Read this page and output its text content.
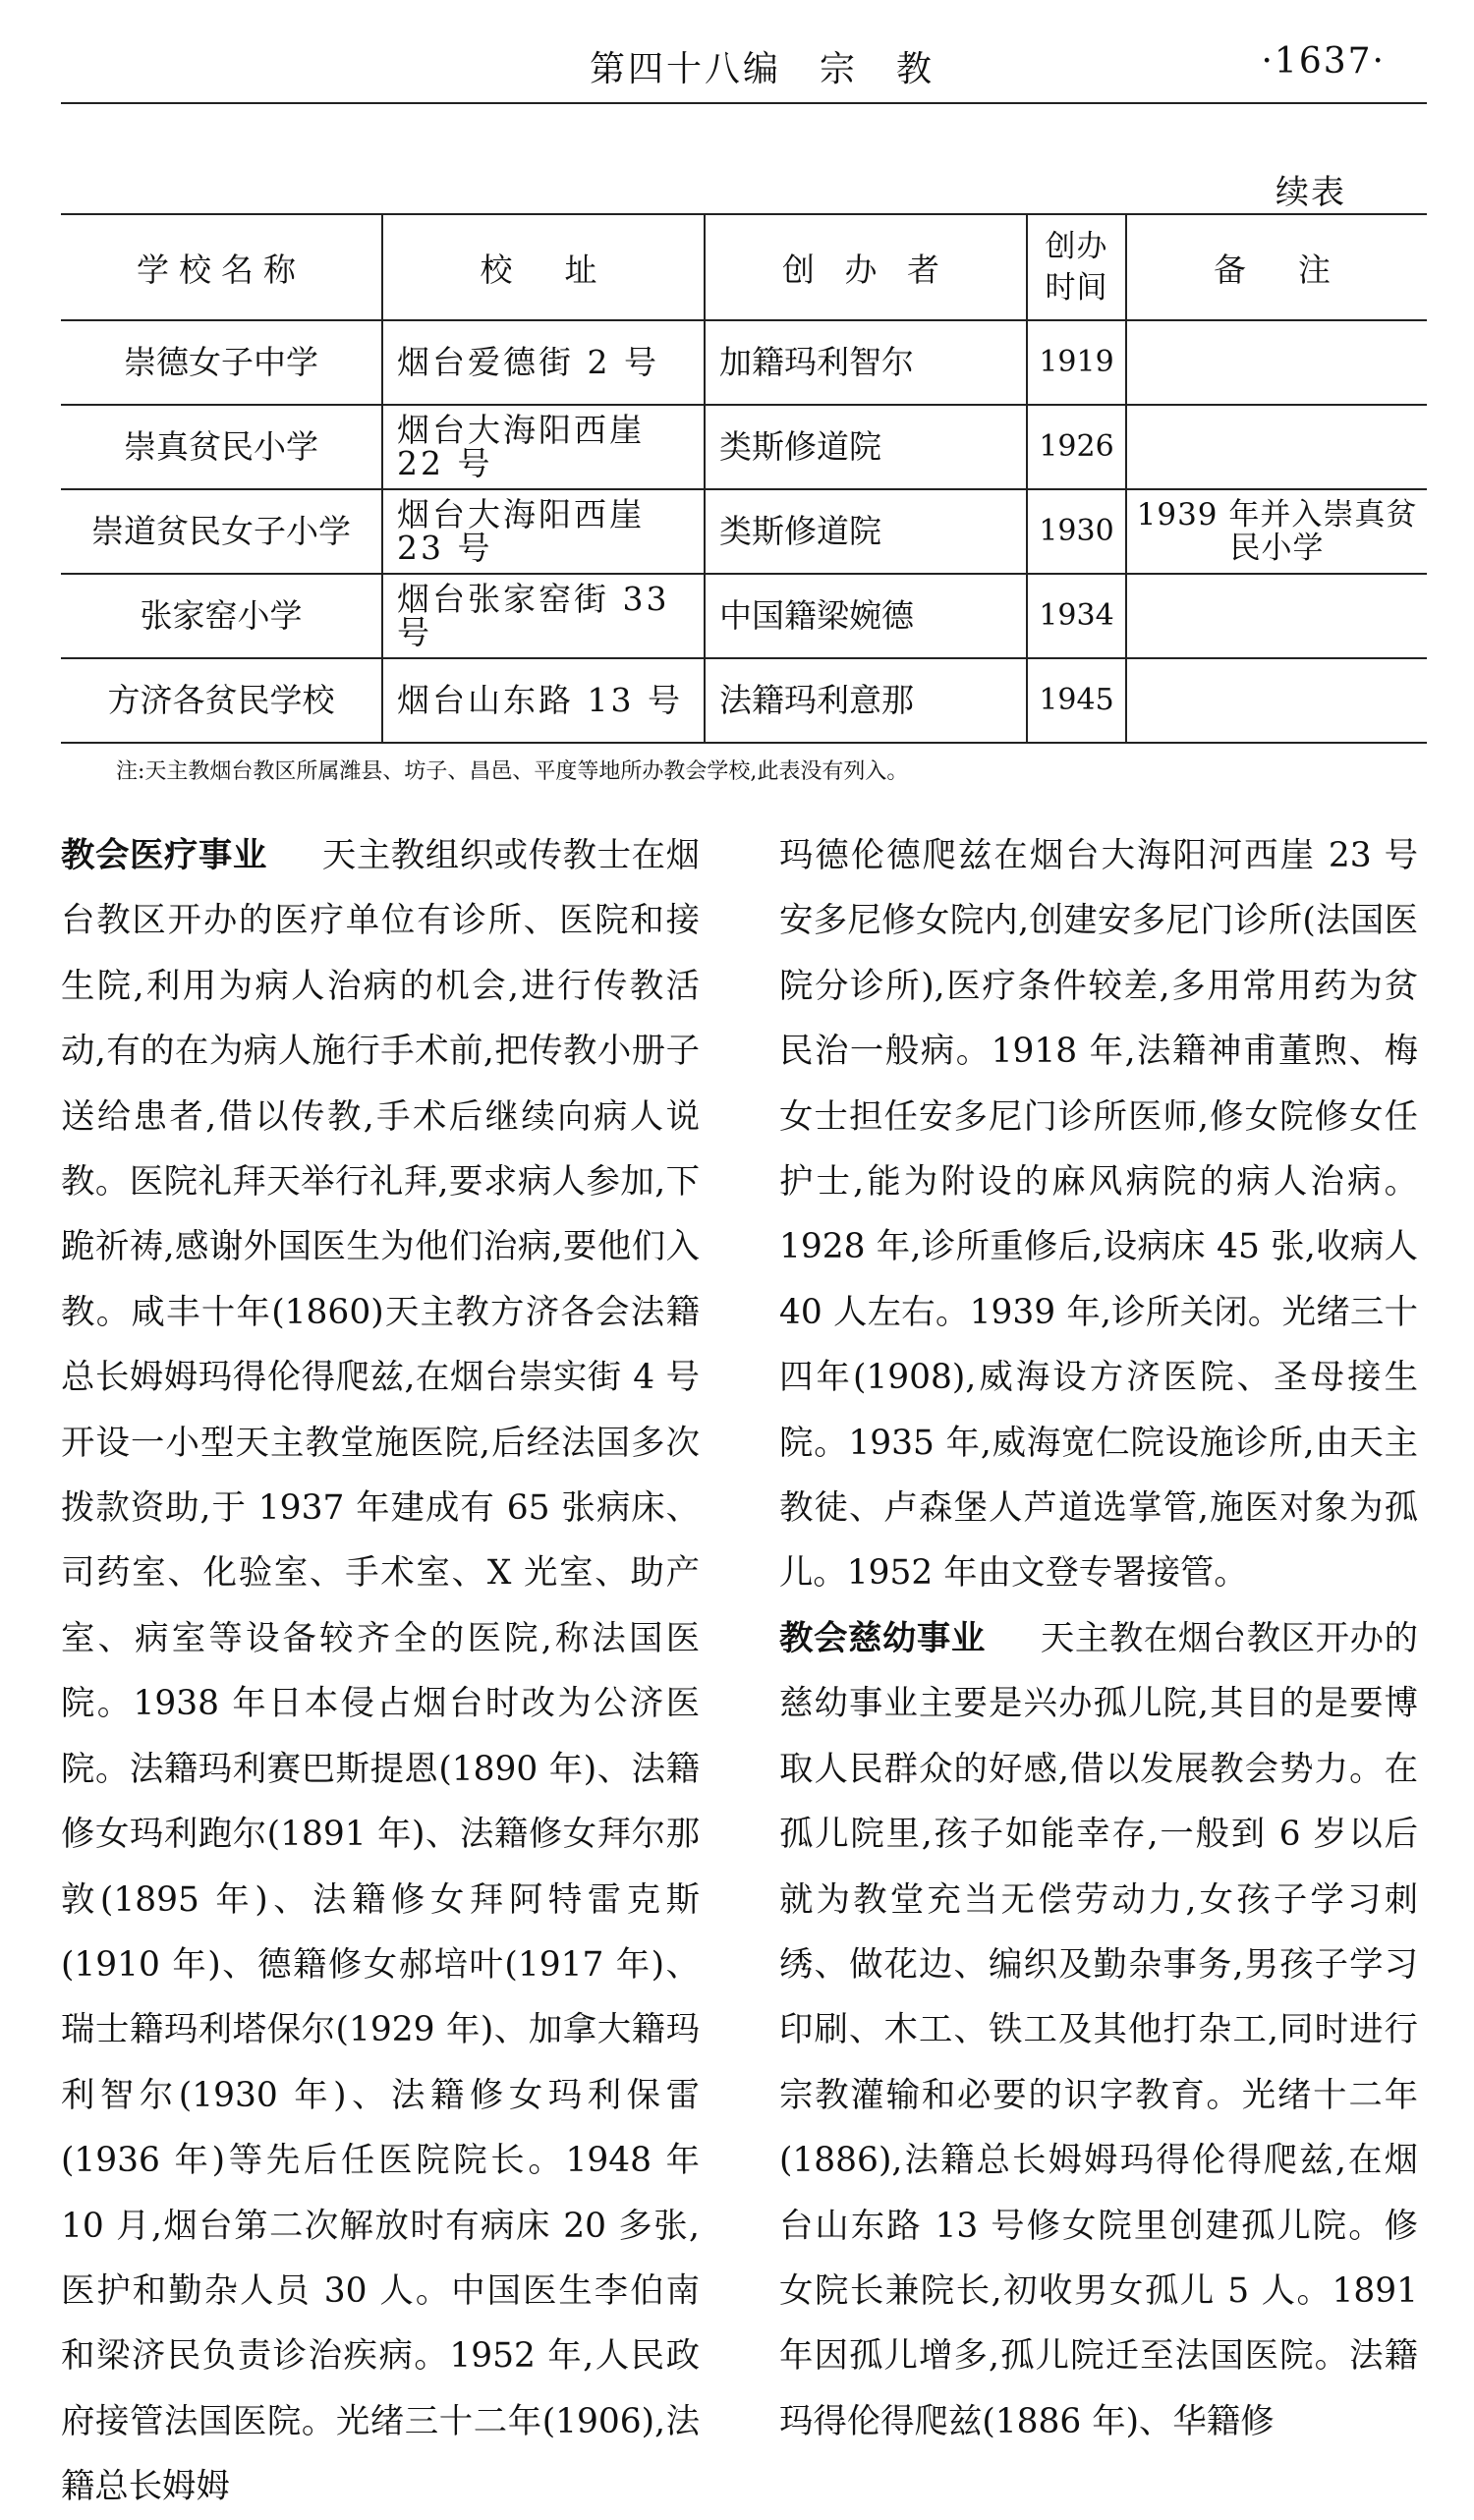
第四十八编　宗　教	·1637·
续表
学校名称	校　址	创 办 者	创办时间	备　注
崇德女子中学	烟台爱德街 2 号	加籍玛利智尔	1919	
崇真贫民小学	烟台大海阳西崖 22 号	类斯修道院	1926	
崇道贫民女子小学	烟台大海阳西崖 23 号	类斯修道院	1930	1939 年并入崇真贫民小学
张家窑小学	烟台张家窑街 33 号	中国籍梁婉德	1934	
方济各贫民学校	烟台山东路 13 号	法籍玛利意那	1945	
注:天主教烟台教区所属潍县、坊子、昌邑、平度等地所办教会学校,此表没有列入。

教会医疗事业 天主教组织或传教士在烟台教区开办的医疗单位有诊所、医院和接生院,利用为病人治病的机会,进行传教活动,有的在为病人施行手术前,把传教小册子送给患者,借以传教,手术后继续向病人说教。医院礼拜天举行礼拜,要求病人参加,下跪祈祷,感谢外国医生为他们治病,要他们入教。咸丰十年(1860)天主教方济各会法籍总长姆姆玛得伦得爬兹,在烟台崇实街 4 号开设一小型天主教堂施医院,后经法国多次拨款资助,于 1937 年建成有 65 张病床、司药室、化验室、手术室、X 光室、助产室、病室等设备较齐全的医院,称法国医院。1938 年日本侵占烟台时改为公济医院。法籍玛利赛巴斯提恩(1890 年)、法籍修女玛利跑尔(1891 年)、法籍修女拜尔那敦(1895 年)、法籍修女拜阿特雷克斯(1910 年)、德籍修女郝培叶(1917 年)、瑞士籍玛利塔保尔(1929 年)、加拿大籍玛利智尔(1930 年)、法籍修女玛利保雷(1936 年)等先后任医院院长。1948 年 10 月,烟台第二次解放时有病床 20 多张,医护和勤杂人员 30 人。中国医生李伯南和梁济民负责诊治疾病。1952 年,人民政府接管法国医院。光绪三十二年(1906),法籍总长姆姆

玛德伦德爬兹在烟台大海阳河西崖 23 号安多尼修女院内,创建安多尼门诊所(法国医院分诊所),医疗条件较差,多用常用药为贫民治一般病。1918 年,法籍神甫董煦、梅女士担任安多尼门诊所医师,修女院修女任护士,能为附设的麻风病院的病人治病。1928 年,诊所重修后,设病床 45 张,收病人 40 人左右。1939 年,诊所关闭。光绪三十四年(1908),威海设方济医院、圣母接生院。1935 年,威海宽仁院设施诊所,由天主教徒、卢森堡人芦道选掌管,施医对象为孤儿。1952 年由文登专署接管。

教会慈幼事业 天主教在烟台教区开办的慈幼事业主要是兴办孤儿院,其目的是要博取人民群众的好感,借以发展教会势力。在孤儿院里,孩子如能幸存,一般到 6 岁以后就为教堂充当无偿劳动力,女孩子学习刺绣、做花边、编织及勤杂事务,男孩子学习印刷、木工、铁工及其他打杂工,同时进行宗教灌输和必要的识字教育。光绪十二年(1886),法籍总长姆姆玛得伦得爬兹,在烟台山东路 13 号修女院里创建孤儿院。修女院长兼院长,初收男女孤儿 5 人。1891 年因孤儿增多,孤儿院迁至法国医院。法籍玛得伦得爬兹(1886 年)、华籍修
